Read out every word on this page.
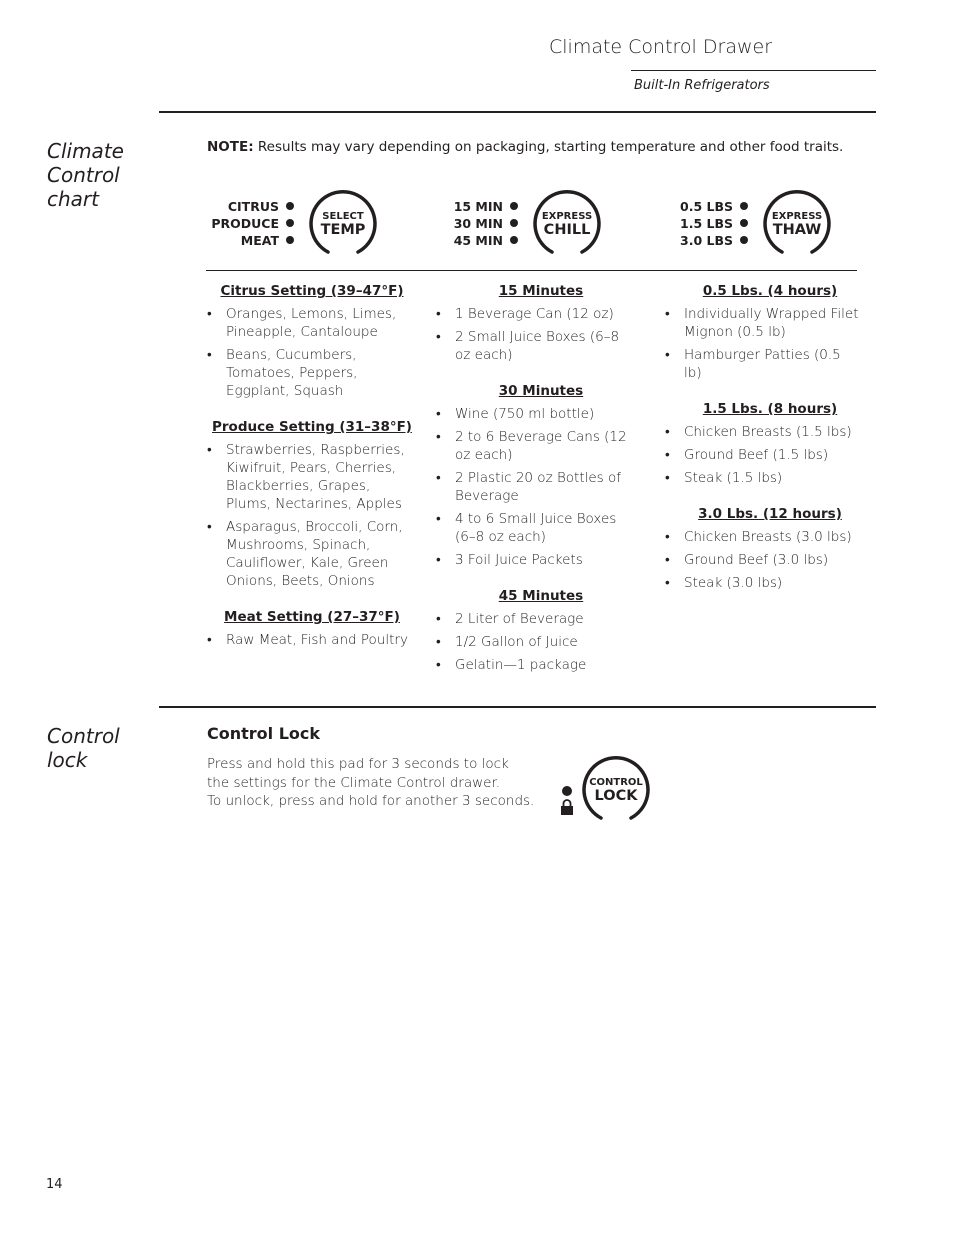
Climate Control Drawer
Built-In Refrigerators
Climate
Control
chart
NOTE: Results may vary depending on packaging, starting temperature and other food traits.
CITRUS
PRODUCE
MEAT
SELECT
TEMP
15 MIN
30 MIN
45 MIN
EXPRESS
CHILL
0.5 LBS
1.5 LBS
3.0 LBS
EXPRESS
THAW
Citrus Setting (39–47°F)
• Oranges, Lemons, Limes, Pineapple, Cantaloupe
• Beans, Cucumbers, Tomatoes, Peppers, Eggplant, Squash
Produce Setting (31–38°F)
• Strawberries, Raspberries, Kiwifruit, Pears, Cherries, Blackberries, Grapes, Plums, Nectarines, Apples
• Asparagus, Broccoli, Corn, Mushrooms, Spinach, Cauliflower, Kale, Green Onions, Beets, Onions
Meat Setting (27–37°F)
• Raw Meat, Fish and Poultry
15 Minutes
• 1 Beverage Can (12 oz)
• 2 Small Juice Boxes (6–8 oz each)
30 Minutes
• Wine (750 ml bottle)
• 2 to 6 Beverage Cans (12 oz each)
• 2 Plastic 20 oz Bottles of Beverage
• 4 to 6 Small Juice Boxes (6–8 oz each)
• 3 Foil Juice Packets
45 Minutes
• 2 Liter of Beverage
• 1/2 Gallon of Juice
• Gelatin—1 package
0.5 Lbs. (4 hours)
• Individually Wrapped Filet Mignon (0.5 lb)
• Hamburger Patties (0.5 lb)
1.5 Lbs. (8 hours)
• Chicken Breasts (1.5 lbs)
• Ground Beef (1.5 lbs)
• Steak (1.5 lbs)
3.0 Lbs. (12 hours)
• Chicken Breasts (3.0 lbs)
• Ground Beef (3.0 lbs)
• Steak (3.0 lbs)
Control
lock
Control Lock
Press and hold this pad for 3 seconds to lock
the settings for the Climate Control drawer.
To unlock, press and hold for another 3 seconds.
CONTROL
LOCK
14
